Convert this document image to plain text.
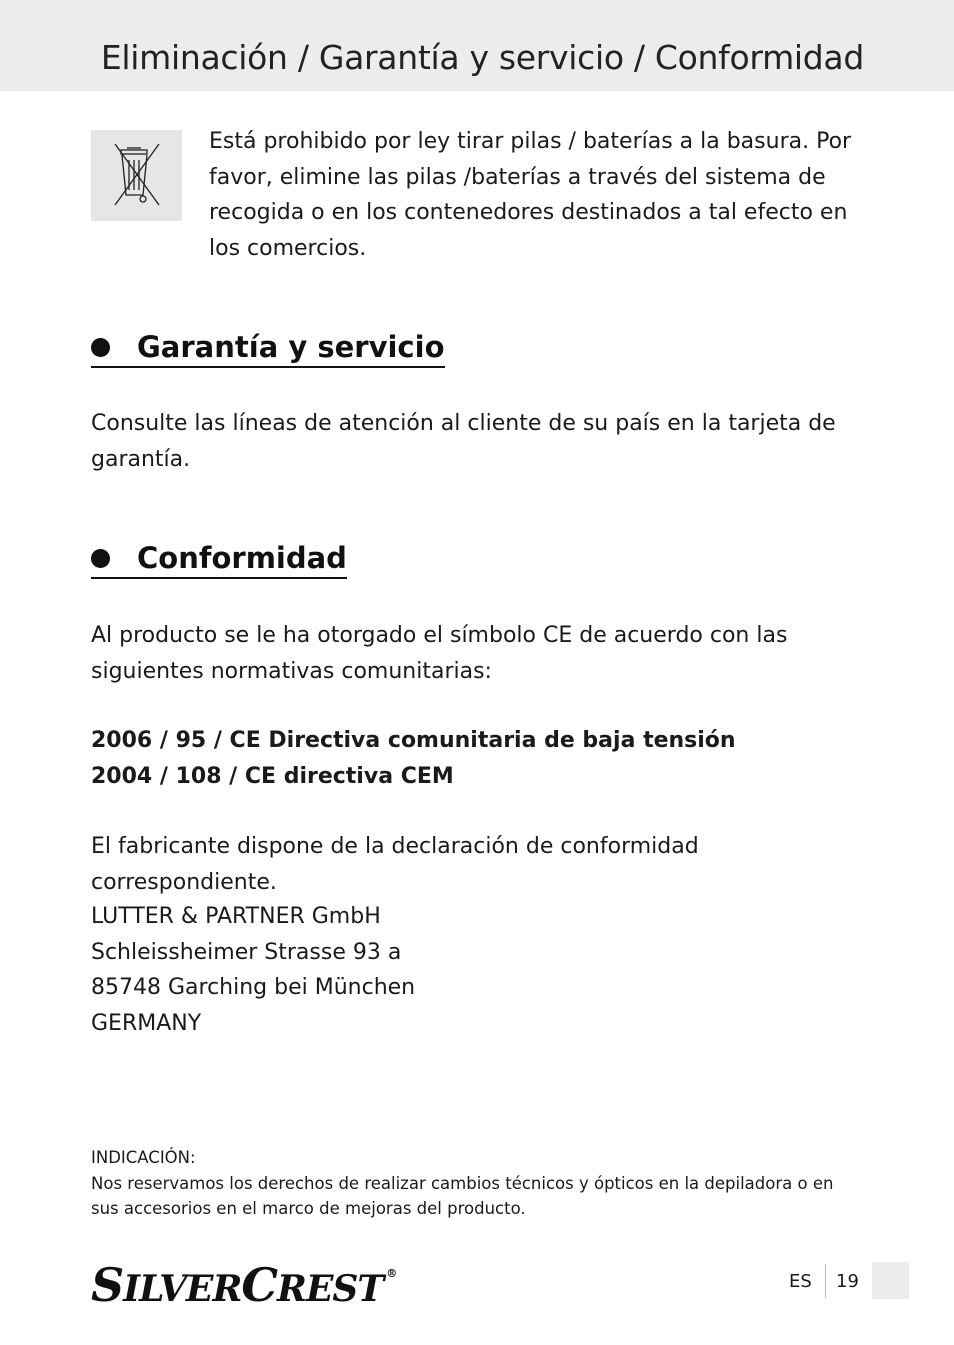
Eliminación / Garantía y servicio / Conformidad

Está prohibido por ley tirar pilas / baterías a la basura. Por favor, elimine las pilas /baterías a través del sistema de recogida o en los contenedores destinados a tal efecto en los comercios.

Garantía y servicio

Consulte las líneas de atención al cliente de su país en la tarjeta de garantía.

Conformidad

Al producto se le ha otorgado el símbolo CE de acuerdo con las siguientes normativas comunitarias:

2006 / 95 / CE Directiva comunitaria de baja tensión
2004 / 108 / CE directiva CEM

El fabricante dispone de la declaración de conformidad correspondiente.

LUTTER & PARTNER GmbH
Schleissheimer Strasse 93 a
85748 Garching bei München
GERMANY
INDICACIÓN:
Nos reservamos los derechos de realizar cambios técnicos y ópticos en la depiladora o en sus accesorios en el marco de mejoras del producto.
SILVERCREST ®	ES 19
